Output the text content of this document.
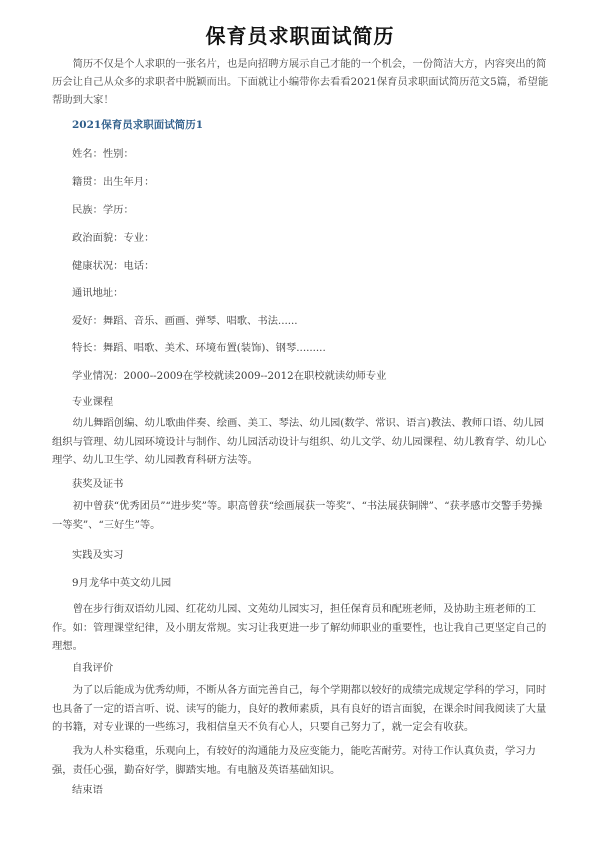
保育员求职面试简历
简历不仅是个人求职的一张名片，也是向招聘方展示自己才能的一个机会，一份简洁大方，内容突出的简历会让自己从众多的求职者中脱颖而出。下面就让小编带你去看看2021保育员求职面试简历范文5篇，希望能帮助到大家！
2021保育员求职面试简历1
姓名：性别：
籍贯：出生年月：
民族：学历：
政治面貌：专业：
健康状况：电话：
通讯地址：
爱好：舞蹈、音乐、画画、弹琴、唱歌、书法......
特长：舞蹈、唱歌、美术、环境布置(装饰)、钢琴.........
学业情况：2000--2009在学校就读2009--2012在职校就读幼师专业
专业课程
幼儿舞蹈创编、幼儿歌曲伴奏、绘画、美工、琴法、幼儿园(数学、常识、语言)教法、教师口语、幼儿园组织与管理、幼儿园环境设计与制作、幼儿园活动设计与组织、幼儿文学、幼儿园课程、幼儿教育学、幼儿心理学、幼儿卫生学、幼儿园教育科研方法等。
获奖及证书
初中曾获“优秀团员”“进步奖”等。职高曾获“绘画展获一等奖”、“书法展获铜牌”、“获孝感市交警手势操一等奖”、“三好生”等。
实践及实习
9月龙华中英文幼儿园
曾在步行街双语幼儿园、红花幼儿园、文苑幼儿园实习，担任保育员和配班老师，及协助主班老师的工作。如：管理课堂纪律，及小朋友常规。实习让我更进一步了解幼师职业的重要性，也让我自己更坚定自己的理想。
自我评价
为了以后能成为优秀幼师，不断从各方面完善自己，每个学期都以较好的成绩完成规定学科的学习，同时也具备了一定的语言听、说、读写的能力，良好的教师素质，具有良好的语言面貌，在课余时间我阅读了大量的书籍，对专业课的一些练习，我相信皇天不负有心人，只要自己努力了，就一定会有收获。
我为人朴实稳重，乐观向上，有较好的沟通能力及应变能力，能吃苦耐劳。对待工作认真负责，学习力强，责任心强，勤奋好学，脚踏实地。有电脑及英语基础知识。
结束语
